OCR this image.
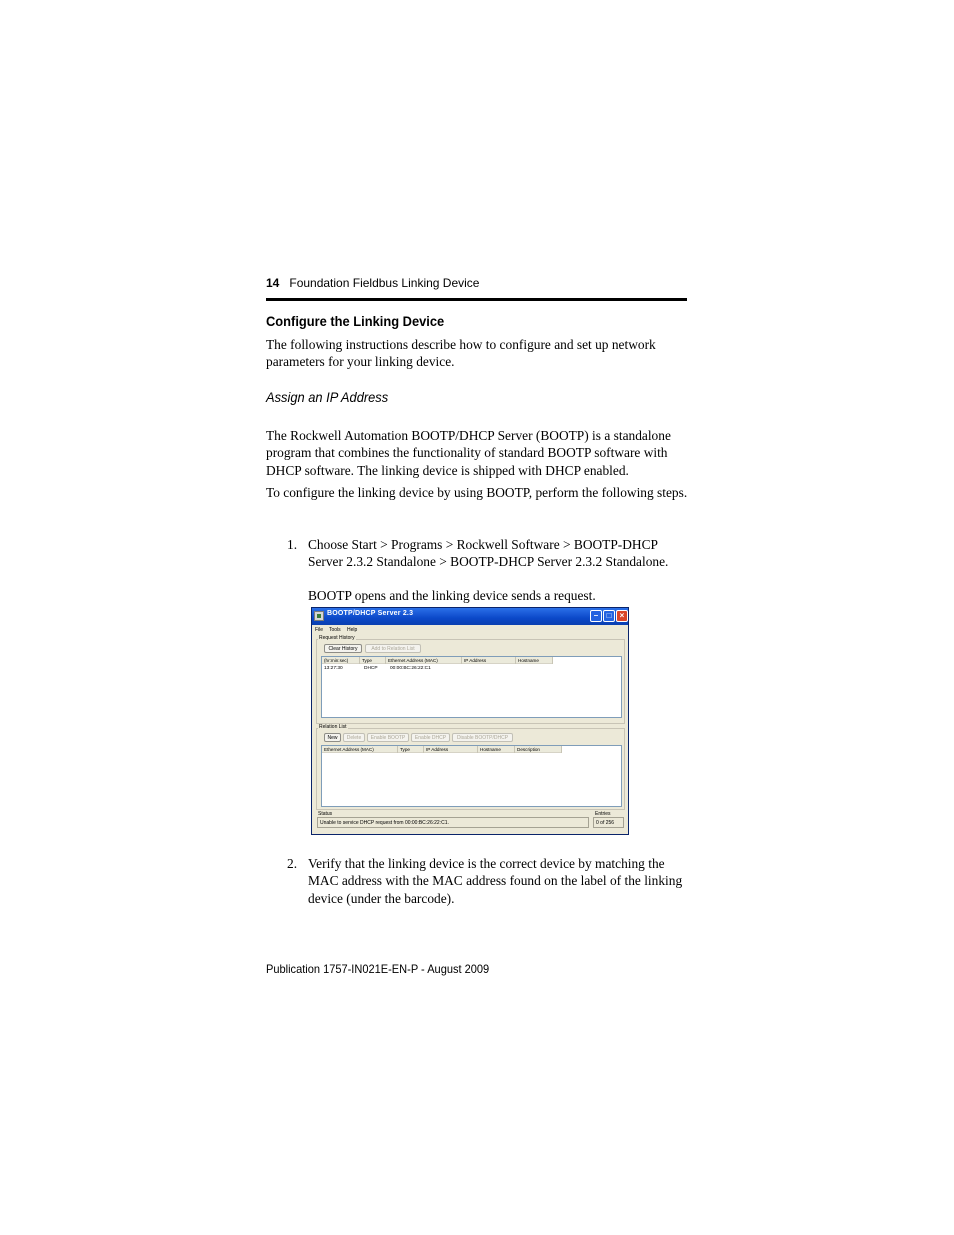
14 Foundation Fieldbus Linking Device
Configure the Linking Device
The following instructions describe how to configure and set up network parameters for your linking device.
Assign an IP Address
The Rockwell Automation BOOTP/DHCP Server (BOOTP) is a standalone program that combines the functionality of standard BOOTP software with DHCP software. The linking device is shipped with DHCP enabled.
To configure the linking device by using BOOTP, perform the following steps.
1. Choose Start > Programs > Rockwell Software > BOOTP-DHCP Server 2.3.2 Standalone > BOOTP-DHCP Server 2.3.2 Standalone.
BOOTP opens and the linking device sends a request.
BOOTP/DHCP Server 2.3	–	□	×
File Tools Help
Request History
Clear History	Add to Relation List
(hr:min:sec)	Type	Ethernet Address (MAC)	IP Address	Hostname
13:27:30	DHCP	00:00:BC:26:22:C1
Relation List
New	Delete	Enable BOOTP	Enable DHCP	Disable BOOTP/DHCP
Ethernet Address (MAC)	Type	IP Address	Hostname	Description
Status
Unable to service DHCP request from 00:00:BC:26:22:C1.
Entries
0 of 256
2. Verify that the linking device is the correct device by matching the MAC address with the MAC address found on the label of the linking device (under the barcode).
Publication 1757-IN021E-EN-P - August 2009
